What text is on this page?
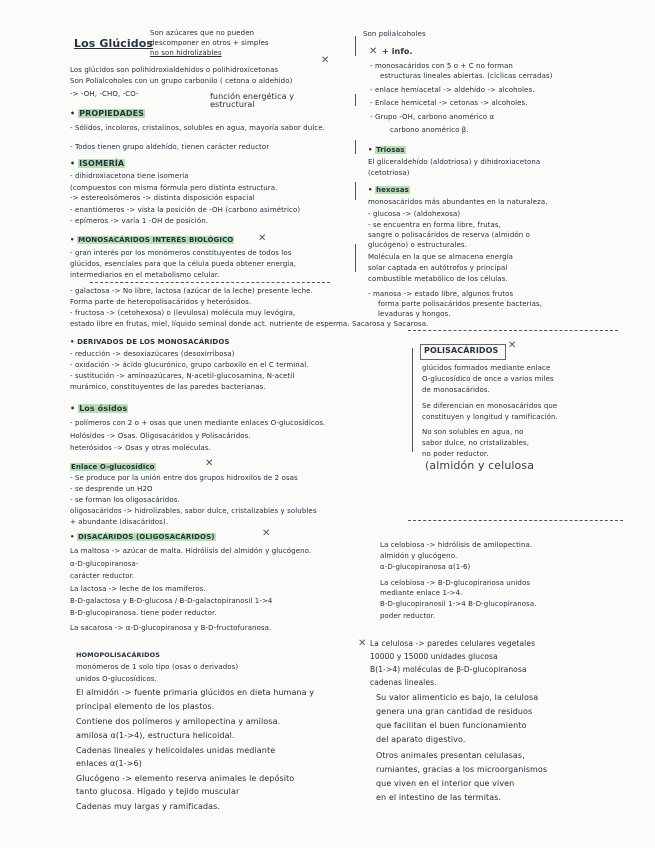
Los Glúcidos
Son azúcares que no pueden
descomponer en otros + simples
no son hidrolizables
✕
Son polialcoholes
Los glúcidos son polihidroxialdehidos o polihidroxicetonas
Son Polialcoholes con un grupo carbonilo ( cetona o aldehido)
-> -OH, -CHO, -CO-	función energética y estructural
• PROPIEDADES
- Sólidos, incoloros, cristalinos, solubles en agua, mayoría sabor dulce.
- Todos tienen grupo aldehído, tienen carácter reductor
• ISOMERÍA
- dihidroxiacetona tiene isomería
(compuestos con misma fórmula pero distinta estructura.
-> estereoisómeros -> distinta disposición espacial
- enantiómeros -> vista la posición de -OH (carbono asimétrico)
- epímeros -> varía 1 -OH de posición.
• MONOSACÁRIDOS INTERÉS BIOLÓGICO ✕
- gran interés por los monómeros constituyentes de todos los
glúcidos, esenciales para que la célula pueda obtener energía,
intermediarios en el metabolismo celular.
- galactosa -> No libre, lactosa (azúcar de la leche) presente leche.
Forma parte de heteropolisacáridos y heterósidos.
- fructosa -> (cetohexosa) o (levulosa) molécula muy levógira,
estado libre en frutas, miel, líquido seminal donde act. nutriente de esperma. Sacarosa y Sacarosa.
• DERIVADOS DE LOS MONOSACÁRIDOS
- reducción -> desoxiazúcares (desoxirribosa)
- oxidación -> ácido glucurónico, grupo carboxilo en el C terminal.
- sustitución -> aminoazúcares, N-acetil-glucosamina, N-acetil
murámico, constituyentes de las paredes bacterianas.
• Los ósidos
- polímeros con 2 o + osas que unen mediante enlaces O-glucosídicos.
Holósidos -> Osas. Oligosacáridos y Polisacáridos.
heterósidos -> Osas y otras moléculas.
Enlace O-glucosídico	✕
- Se produce por la unión entre dos grupos hidroxilos de 2 osas
- se desprende un H2O
- se forman los oligosacáridos.
oligosacáridos -> hidrolizables, sabor dulce, cristalizables y solubles
+ abundante (disacáridos).
• DISACÁRIDOS (OLIGOSACÁRIDOS)	✕
La maltosa -> azúcar de malta. Hidrólisis del almidón y glucógeno.
α-D-glucopiranosa-
carácter reductor.
La lactosa -> leche de los mamíferos.
B-D-galactosa y B-D-glucosa / B-D-galactopiranosil 1->4
B-D-glucopiranosa. tiene poder reductor.
La sacarosa -> α-D-glucopiranosa y B-D-fructofuranosa.
HOMOPOLISACÁRIDOS
monómeros de 1 solo tipo (osas o derivados)
unidos O-glucosídicos.
El almidón -> fuente primaria glúcidos en dieta humana y
principal elemento de los plastos.
Contiene dos polímeros y amilopectina y amilosa.
amilosa α(1->4), estructura helicoidal.
Cadenas lineales y helicoidales unidas mediante
enlaces α(1->6)
Glucógeno -> elemento reserva animales le depósito
tanto glucosa. Hígado y tejido muscular
Cadenas muy largas y ramificadas.
✕ + info.
- monosacáridos con 5 o + C no forman
estructuras lineales abiertas. (cíclicas cerradas)
- enlace hemiacetal -> aldehído -> alcoholes.
- Enlace hemicetal -> cetonas -> alcoholes.
- Grupo -OH, carbono anomérico α
carbono anomérico β.
• Triosas
El gliceraldehído (aldotriosa) y dihidroxiacetona
(cetotriosa)
• hexosas
monosacáridos más abundantes en la naturaleza.
- glucosa -> (aldohexosa)
- se encuentra en forma libre, frutas,
sangre o polisacáridos de reserva (almidón o
glucógeno) o estructurales.
Molécula en la que se almacena energía
solar captada en autótrofos y principal
combustible metabólico de los células.
- manosa -> estado libre, algunos frutos
forma parte polisacáridos presente bacterias,
levaduras y hongos.
POLISACÁRIDOS ✕
glúcidos formados mediante enlace
O-glucosídico de once a varios miles
de monosacáridos.
Se diferencian en monosacáridos que
constituyen y longitud y ramificación.
No son solubles en agua, no
sabor dulce, no cristalizables,
no poder reductor.
(almidón y celulosa
La celobiosa -> hidrólisis de amilopectina.
almidón y glucógeno.
α-D-glucopiranosa α(1-6)
La celobiosa -> B-D-glucopiranosa unidos
mediante enlace 1->4.
B-D-glucopiranosil 1->4 B-D-glucopiranosa.
poder reductor.
✕ La celulosa -> paredes celulares vegetales
10000 y 15000 unidades glucosa
B(1->4) moléculas de β-D-glucopiranosa
cadenas lineales.
Su valor alimenticio es bajo, la celulosa
genera una gran cantidad de residuos
que facilitan el buen funcionamiento
del aparato digestivo.
Otros animales presentan celulasas,
rumiantes, gracias a los microorganismos
que viven en el interior que viven
en el intestino de las termitas.
